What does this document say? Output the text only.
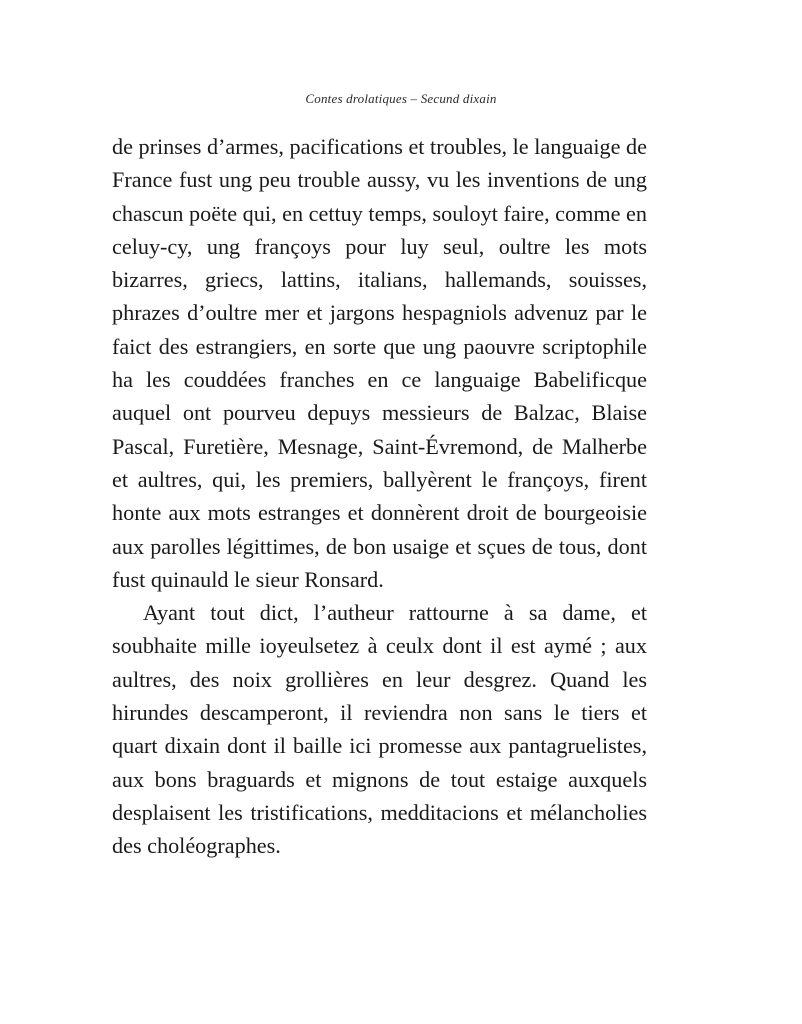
Contes drolatiques – Secund dixain

de prinses d’armes, pacifications et troubles, le languaige de France fust ung peu trouble aussy, vu les inventions de ung chascun poëte qui, en cettuy temps, souloyt faire, comme en celuy-cy, ung françoys pour luy seul, oultre les mots bizarres, griecs, lattins, italians, hallemands, souisses, phrazes d’oultre mer et jargons hespagniols advenuz par le faict des estrangiers, en sorte que ung paouvre scriptophile ha les couddées franches en ce languaige Babelificque auquel ont pourveu depuys messieurs de Balzac, Blaise Pascal, Furetière, Mesnage, Saint-Évremond, de Malherbe et aultres, qui, les premiers, ballyèrent le françoys, firent honte aux mots estranges et donnèrent droit de bourgeoisie aux parolles légittimes, de bon usaige et sçues de tous, dont fust quinauld le sieur Ronsard.

Ayant tout dict, l’autheur rattourne à sa dame, et soubhaite mille ioyeulsetez à ceulx dont il est aymé ; aux aultres, des noix grollières en leur desgrez. Quand les hirundes descamperont, il reviendra non sans le tiers et quart dixain dont il baille ici promesse aux pantagruelistes, aux bons braguards et mignons de tout estaige auxquels desplaisent les tristifications, medditacions et mélancholies des choléographes.
